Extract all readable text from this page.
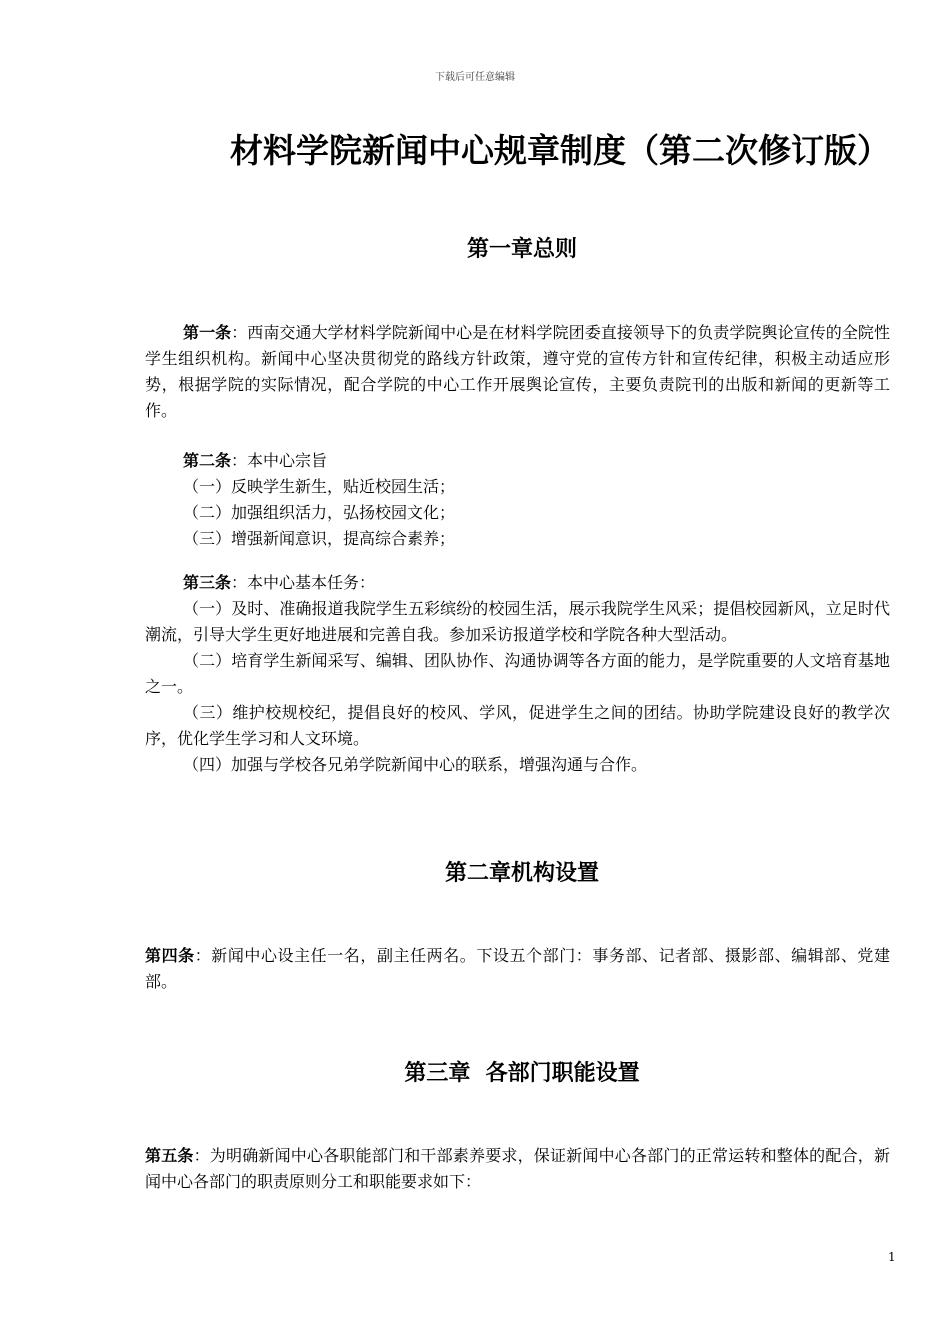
下载后可任意编辑
材料学院新闻中心规章制度（第二次修订版）
第一章总则

第一条：西南交通大学材料学院新闻中心是在材料学院团委直接领导下的负责学院舆论宣传的全院性学生组织机构。新闻中心坚决贯彻党的路线方针政策，遵守党的宣传方针和宣传纪律，积极主动适应形势，根据学院的实际情况，配合学院的中心工作开展舆论宣传，主要负责院刊的出版和新闻的更新等工作。

第二条：本中心宗旨
（一）反映学生新生，贴近校园生活；
（二）加强组织活力，弘扬校园文化；
（三）增强新闻意识，提高综合素养；
第三条：本中心基本任务：
（一）及时、准确报道我院学生五彩缤纷的校园生活，展示我院学生风采；提倡校园新风，立足时代潮流，引导大学生更好地进展和完善自我。参加采访报道学校和学院各种大型活动。
（二）培育学生新闻采写、编辑、团队协作、沟通协调等各方面的能力，是学院重要的人文培育基地之一。
（三）维护校规校纪，提倡良好的校风、学风，促进学生之间的团结。协助学院建设良好的教学次序，优化学生学习和人文环境。
（四）加强与学校各兄弟学院新闻中心的联系，增强沟通与合作。
第二章机构设置

第四条：新闻中心设主任一名，副主任两名。下设五个部门：事务部、记者部、摄影部、编辑部、党建部。

第三章  各部门职能设置

第五条：为明确新闻中心各职能部门和干部素养要求，保证新闻中心各部门的正常运转和整体的配合，新闻中心各部门的职责原则分工和职能要求如下：

1
